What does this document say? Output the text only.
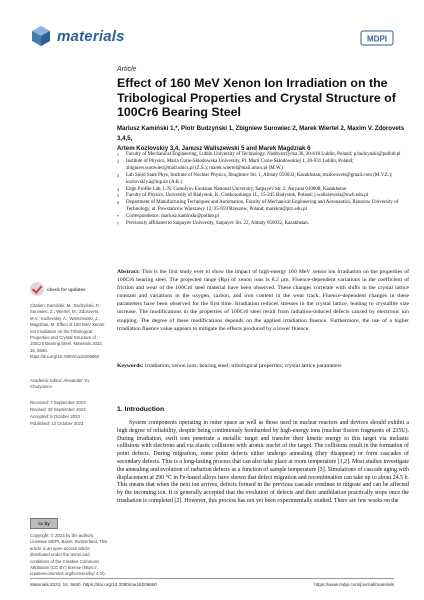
materials	MDPI
Article
Effect of 160 MeV Xenon Ion Irradiation on the Tribological Properties and Crystal Structure of 100Cr6 Bearing Steel
Mariusz Kamiński 1,*, Piotr Budzyński 1, Zbigniew Surowiec 2, Marek Wiertel 2, Maxim V. Zdorovets 3,4,5,
Artem Kozlovskiy 3,4, Janusz Waliszewski 5 and Marek Magdziak 6
1	Faculty of Mechanical Engineering, Lublin University of Technology, Nadbystrzycka 36, 20-618 Lublin, Poland; p.budzynski@pollub.pl
2	Institute of Physics, Maria Curie-Skłodowska University, Pl. Marii Curie-Skłodowskiej 1, 20-031 Lublin, Poland; zbigniew.surowiec@mail.umcs.pl (Z.S.); marek.wiertel@mail.umcs.pl (M.W.)
3	Lab Solid State Phys, Institute of Nuclear Physics, Ibragimov Str. 1, Almaty 050032, Kazakhstan; mzdorovets@gmail.com (M.V.Z.); kozlovskiy.a@inp.kz (A.K.)
4	Engn Profile Lab, L.N. Gumilyov Eurasian National University, Satpayev Str. 2, Astyana 010008, Kazakhstan
5	Faculty of Physics, University of Bialystok, K. Ciołkowskiego 1L, 15-245 Białystok, Poland; j.waliszewski@uwb.edu.pl
6	Department of Manufacturing Techniques and Automation, Faculty of Mechanical Engineering and Aeronautics, Rzeszow University of Technology, al. Powstańców Warszawy 12, 35-959 Rzeszow, Poland; marekm@prz.edu.pl
*	Correspondence: mariusz.kaminski@pollub.pl
†	Previously affiliated to Satpayev University, Satpayev Str. 22, Almaty 050032, Kazakhstan.
Abstract: This is the first study ever to show the impact of high-energy 160 MeV xenon ion irradiation on the properties of 100Cr6 bearing steel. The projected range (Rp) of xenon ions is 8.2 μm. Fluence-dependent variations in the coefficient of friction and wear of the 100Cr6 steel material have been observed. These changes correlate with shifts in the crystal lattice constant and variations in the oxygen, carbon, and iron content in the wear track. Fluence-dependent changes in these parameters have been observed for the first time. Irradiation reduces stresses in the crystal lattice, leading to crystallite size increase. The modifications in the properties of 100Cr6 steel result from radiation-induced defects caused by electronic ion stopping. The degree of these modifications depends on the applied irradiation fluence. Furthermore, the use of a higher irradiation fluence value appears to mitigate the effects produced by a lower fluence.
Keywords: irradiation; xenon ions; bearing steel; tribological properties; crystal lattice parameters
check for updates
Citation: Kamiński, M.; Budzyński, P.; Surowiec, Z.; Wiertel, M.; Zdorovets, M.V.; Kozlovskiy, A.; Waliszewski, J.; Magdziak, M. Effect of 160 MeV Xenon Ion Irradiation on the Tribological Properties and Crystal Structure of 100Cr6 Bearing Steel. Materials 2023, 16, 6660. https://doi.org/10.3390/ma16206660
Academic Editor: Alexander Yu. Churyumov
Received: 7 September 2023
Revised: 29 September 2023
Accepted: 5 October 2023
Published: 12 October 2023
cc by
Copyright: © 2023 by the authors. Licensee MDPI, Basel, Switzerland. This article is an open access article distributed under the terms and conditions of the Creative Commons Attribution (CC BY) license (https:// creativecommons.org/licenses/by/ 4.0/).
1. Introduction
System components operating in outer space as well as those used in nuclear reactors and devices should exhibit a high degree of reliability, despite being continuously bombarded by high-energy ions (nuclear fission fragments of 235U). During irradiation, swift ions penetrate a metallic target and transfer their kinetic energy to this target via inelastic collisions with electrons and via elastic collisions with atomic nuclei of the target. The collisions result in the formation of point defects. During migration, some point defects either undergo annealing (they disappear) or form cascades of secondary defects. This is a long-lasting process that can also take place at room temperature [1,2]. Most studies investigate the annealing and evolution of radiation defects as a function of sample temperature [3]. Simulations of cascade aging with displacement at 290 °C in Fe-based alloys have shown that defect migration and recombination can take up to about 24.5 h. This means that when the next ion arrives, defects formed in the previous cascade continue to migrate and can be affected by the incoming ion. It is generally accepted that the evolution of defects and their annihilation practically stops once the irradiation is completed [2]. However, this process has not yet been experimentally studied. There are few works on the
Materials 2023, 16, 6660. https://doi.org/10.3390/ma16206660	https://www.mdpi.com/journal/materials
